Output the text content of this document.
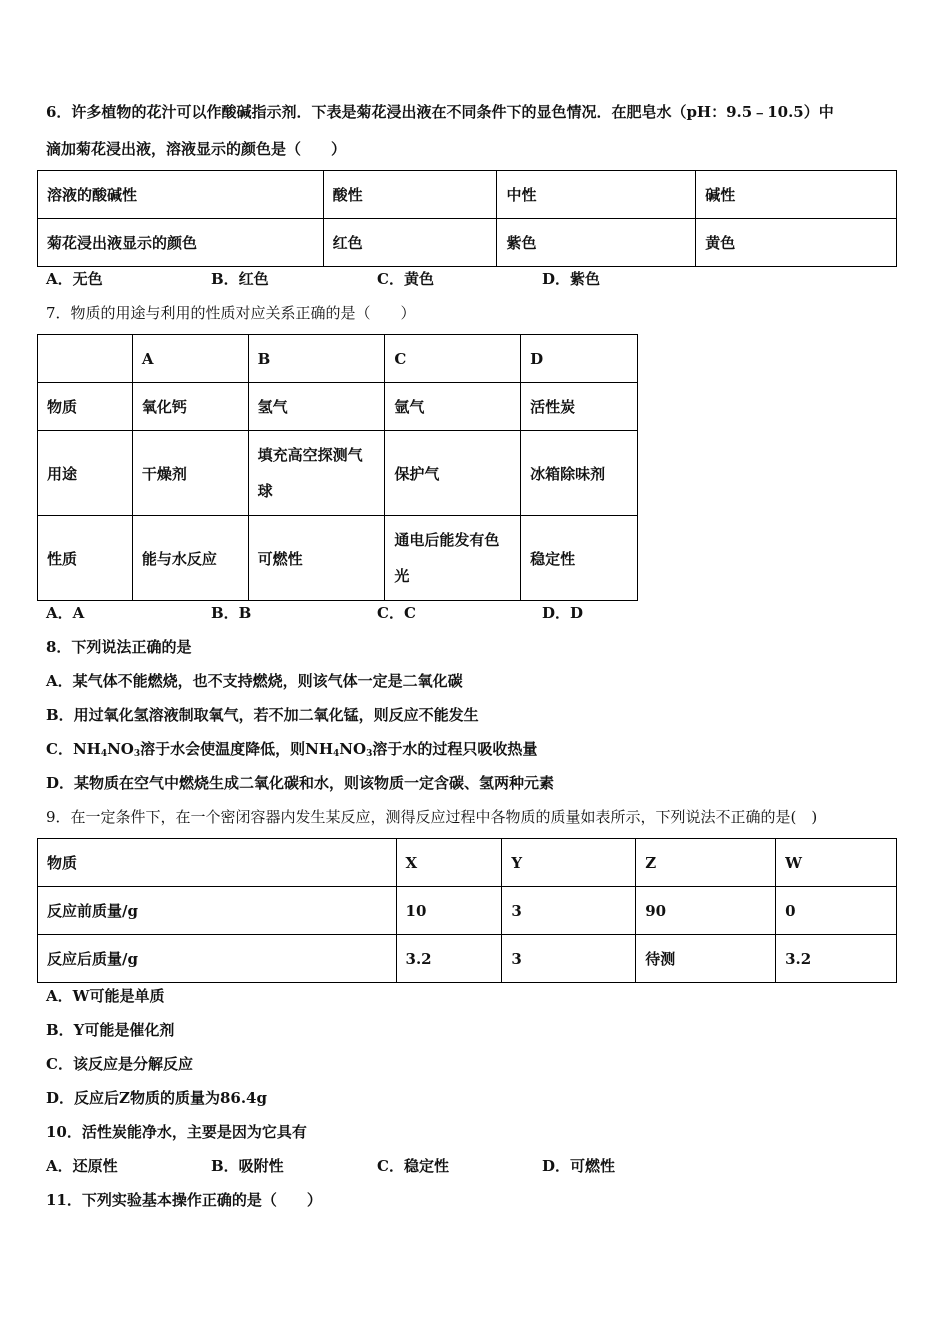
6．许多植物的花汁可以作酸碱指示剂．下表是菊花浸出液在不同条件下的显色情况．在肥皂水（pH：9.5﹣10.5）中
滴加菊花浸出液，溶液显示的颜色是（　　）
溶液的酸碱性	酸性	中性	碱性
菊花浸出液显示的颜色	红色	紫色	黄色
A．无色	B．红色	C．黄色	D．紫色
7．物质的用途与利用的性质对应关系正确的是（　　）
	A	B	C	D
物质	氧化钙	氢气	氩气	活性炭
用途	干燥剂	填充高空探测气球	保护气	冰箱除味剂
性质	能与水反应	可燃性	通电后能发有色光	稳定性
A．A	B．B	C．C	D．D
8．下列说法正确的是
A．某气体不能燃烧，也不支持燃烧，则该气体一定是二氧化碳
B．用过氧化氢溶液制取氧气，若不加二氧化锰，则反应不能发生
C．$NH_4NO_3$溶于水会使温度降低，则$NH_4NO_3$溶于水的过程只吸收热量
D．某物质在空气中燃烧生成二氧化碳和水，则该物质一定含碳、氢两种元素
9．在一定条件下，在一个密闭容器内发生某反应，测得反应过程中各物质的质量如表所示，下列说法不正确的是(　)
物质	X	Y	Z	W
反应前质量/g	10	3	90	0
反应后质量/g	3.2	3	待测	3.2
A．W可能是单质
B．Y可能是催化剂
C．该反应是分解反应
D．反应后Z物质的质量为86.4g
10．活性炭能净水，主要是因为它具有
A．还原性	B．吸附性	C．稳定性	D．可燃性
11．下列实验基本操作正确的是（　　）
